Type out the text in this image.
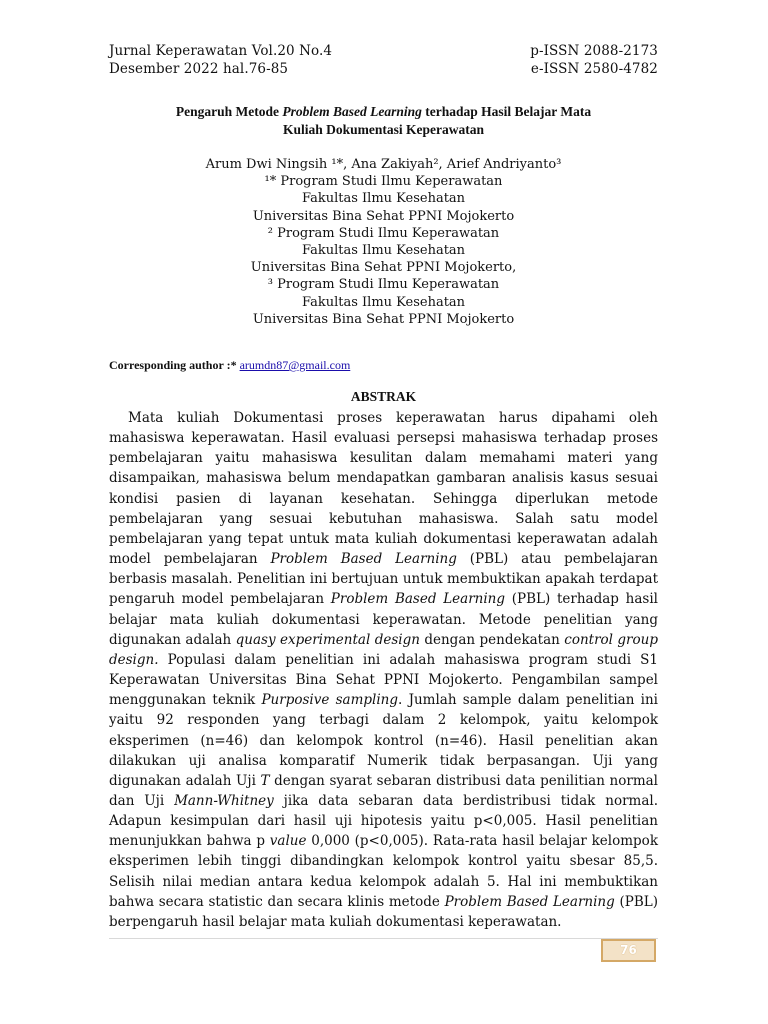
Jurnal Keperawatan Vol.20 No.4	p-ISSN 2088-2173
Desember 2022 hal.76-85	e-ISSN 2580-4782
Pengaruh Metode Problem Based Learning terhadap Hasil Belajar Mata
Kuliah Dokumentasi Keperawatan
Arum Dwi Ningsih ¹*, Ana Zakiyah², Arief Andriyanto³
¹* Program Studi Ilmu Keperawatan
Fakultas Ilmu Kesehatan
Universitas Bina Sehat PPNI Mojokerto
² Program Studi Ilmu Keperawatan
Fakultas Ilmu Kesehatan
Universitas Bina Sehat PPNI Mojokerto,
³ Program Studi Ilmu Keperawatan
Fakultas Ilmu Kesehatan
Universitas Bina Sehat PPNI Mojokerto
Corresponding author :* arumdn87@gmail.com
ABSTRAK

Mata kuliah Dokumentasi proses keperawatan harus dipahami oleh mahasiswa keperawatan. Hasil evaluasi persepsi mahasiswa terhadap proses pembelajaran yaitu mahasiswa kesulitan dalam memahami materi yang disampaikan, mahasiswa belum mendapatkan gambaran analisis kasus sesuai kondisi pasien di layanan kesehatan. Sehingga diperlukan metode pembelajaran yang sesuai kebutuhan mahasiswa. Salah satu model pembelajaran yang tepat untuk mata kuliah dokumentasi keperawatan adalah model pembelajaran Problem Based Learning (PBL) atau pembelajaran berbasis masalah. Penelitian ini bertujuan untuk membuktikan apakah terdapat pengaruh model pembelajaran Problem Based Learning (PBL) terhadap hasil belajar mata kuliah dokumentasi keperawatan. Metode penelitian yang digunakan adalah quasy experimental design dengan pendekatan control group design. Populasi dalam penelitian ini adalah mahasiswa program studi S1 Keperawatan Universitas Bina Sehat PPNI Mojokerto. Pengambilan sampel menggunakan teknik Purposive sampling. Jumlah sample dalam penelitian ini yaitu 92 responden yang terbagi dalam 2 kelompok, yaitu kelompok eksperimen (n=46) dan kelompok kontrol (n=46). Hasil penelitian akan dilakukan uji analisa komparatif Numerik tidak berpasangan. Uji yang digunakan adalah Uji T dengan syarat sebaran distribusi data penilitian normal dan Uji Mann-Whitney jika data sebaran data berdistribusi tidak normal. Adapun kesimpulan dari hasil uji hipotesis yaitu p<0,005. Hasil penelitian menunjukkan bahwa p value 0,000 (p<0,005). Rata-rata hasil belajar kelompok eksperimen lebih tinggi dibandingkan kelompok kontrol yaitu sbesar 85,5. Selisih nilai median antara kedua kelompok adalah 5. Hal ini membuktikan bahwa secara statistic dan secara klinis metode Problem Based Learning (PBL) berpengaruh hasil belajar mata kuliah dokumentasi keperawatan.

76
